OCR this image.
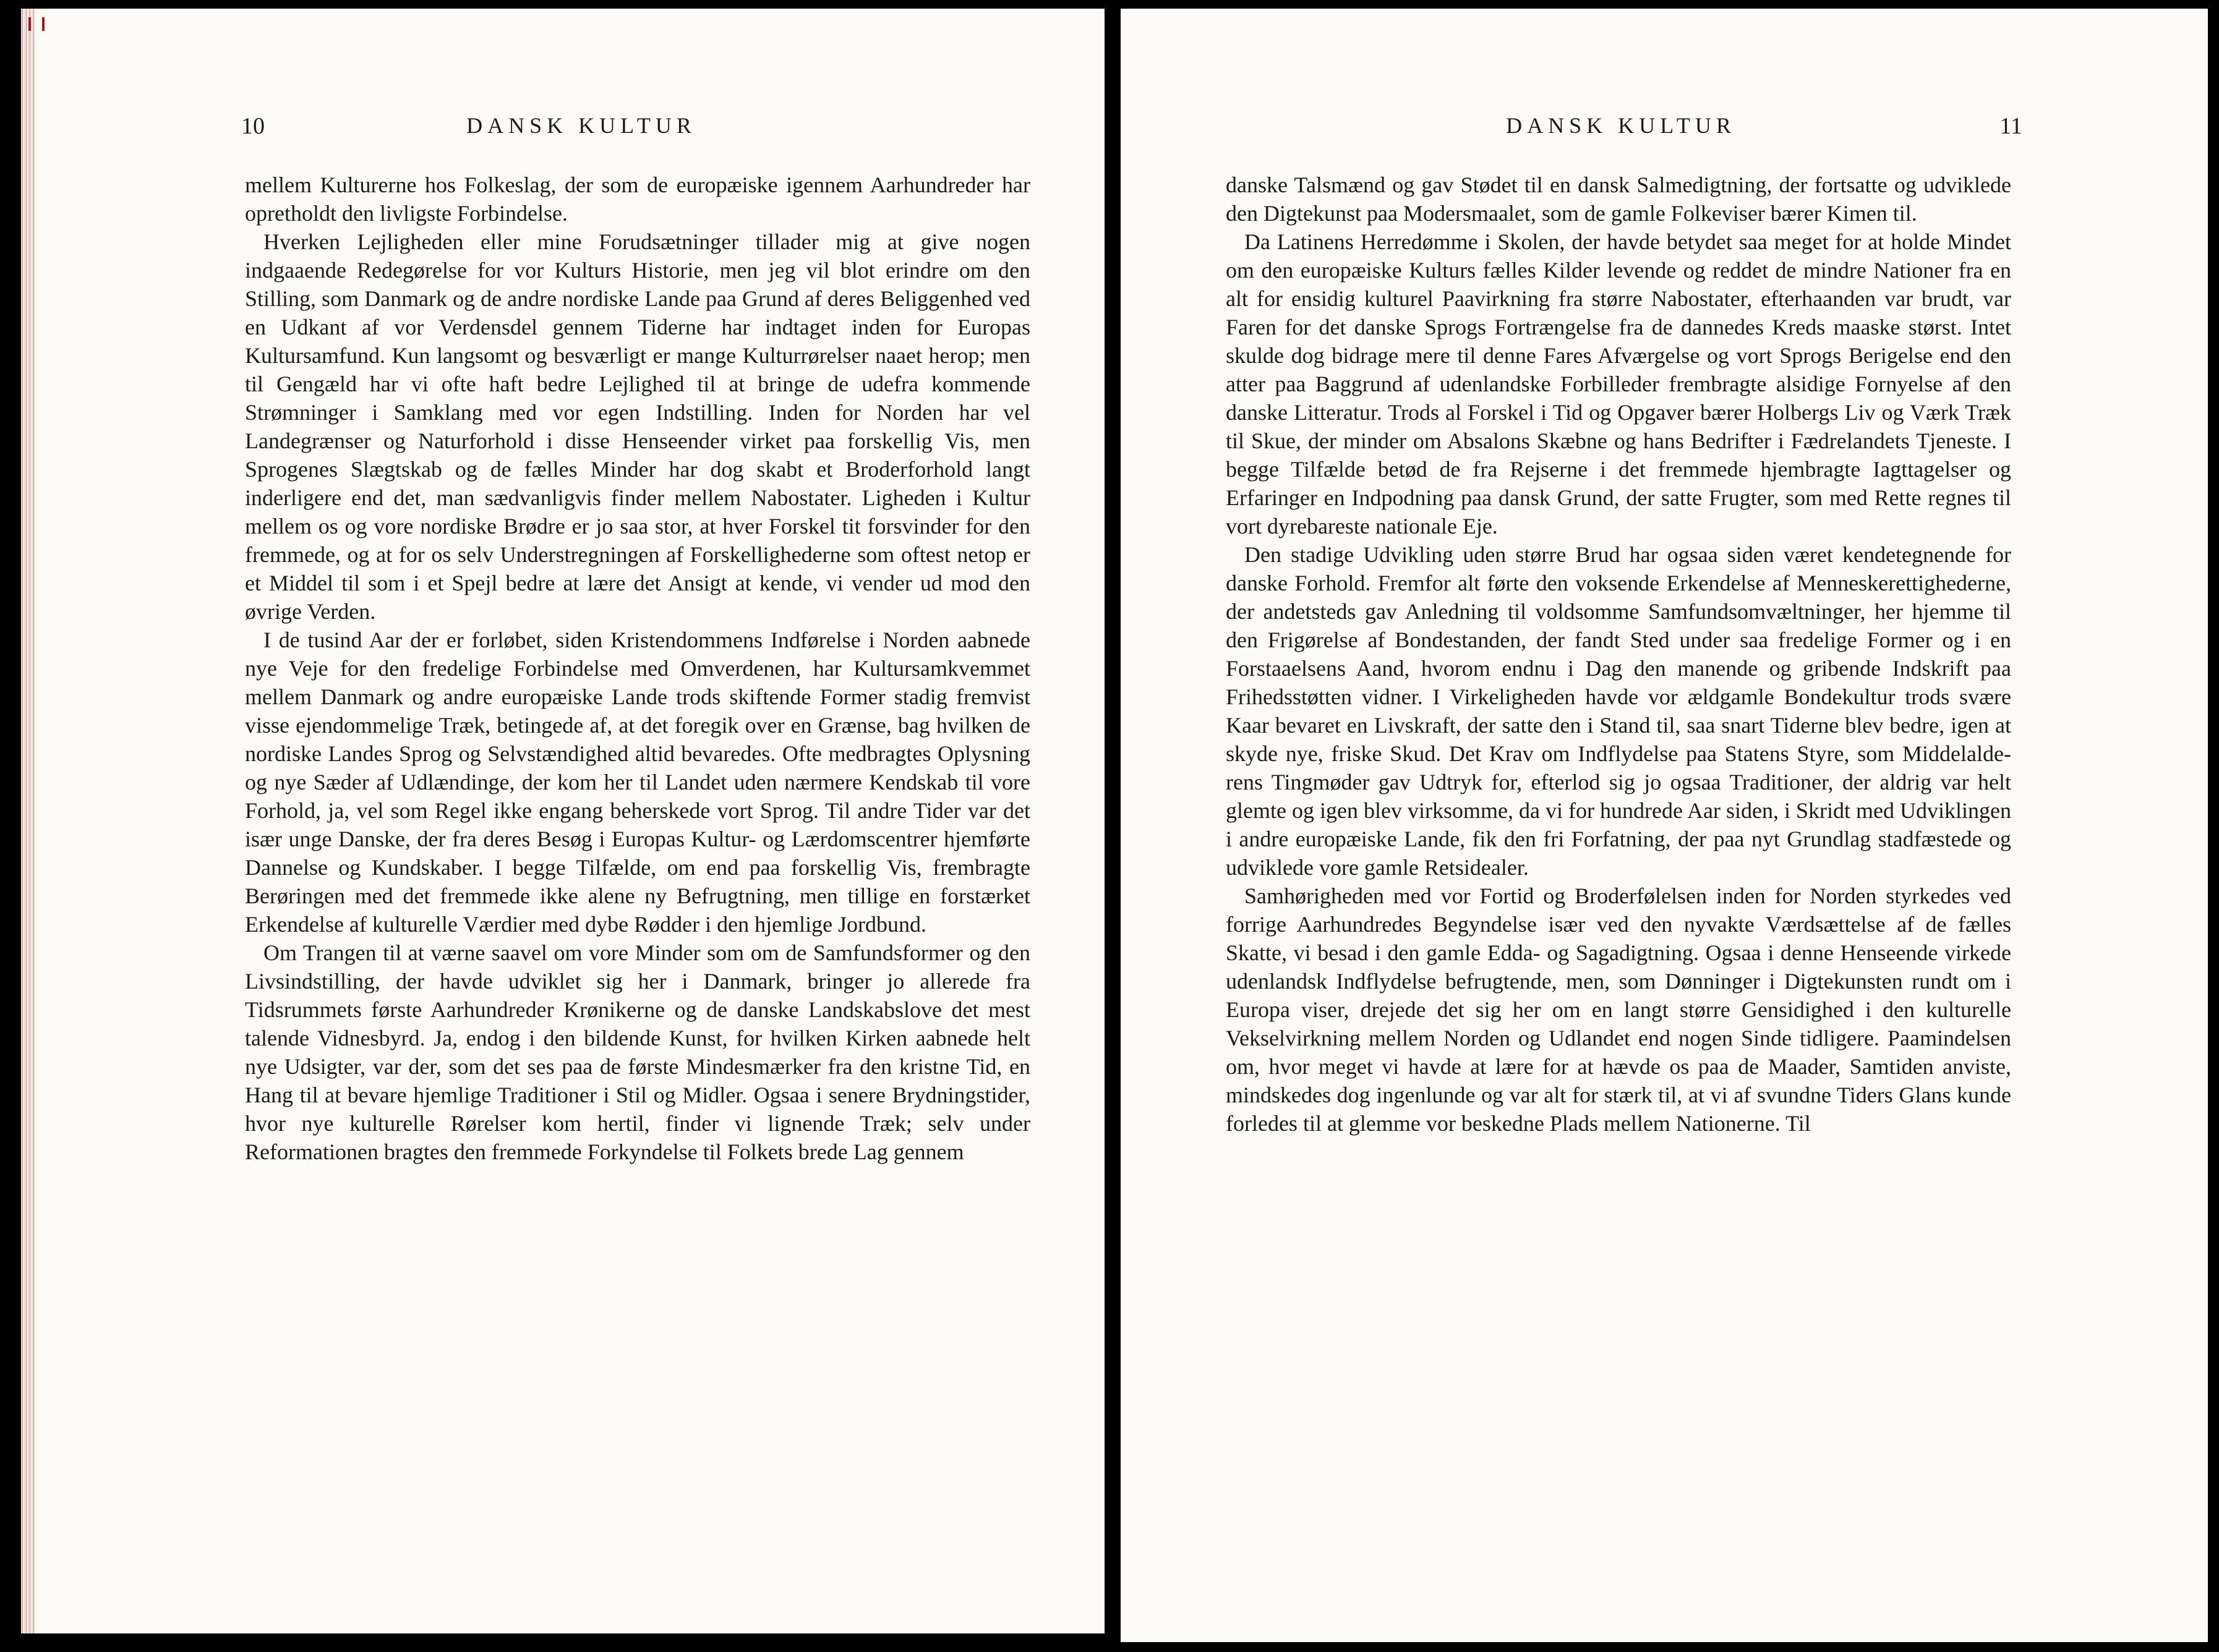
10	DANSK KULTUR

mellem Kulturerne hos Folkeslag, der som de europæiske igennem Aarhundreder har opretholdt den livligste Forbindelse.

Hverken Lejligheden eller mine Forudsætninger tillader mig at give nogen indgaaende Redegørelse for vor Kulturs Historie, men jeg vil blot erindre om den Stilling, som Danmark og de andre nordiske Lande paa Grund af deres Beliggenhed ved en Udkant af vor Verdensdel gennem Tiderne har indtaget inden for Europas Kultursamfund. Kun langsomt og besværligt er mange Kulturrørelser naaet herop; men til Gengæld har vi ofte haft bedre Lejlighed til at bringe de udefra kommende Strømninger i Samklang med vor egen Indstilling. Inden for Norden har vel Landegrænser og Naturforhold i disse Henseender virket paa forskellig Vis, men Sprogenes Slægtskab og de fælles Minder har dog skabt et Broderforhold langt inderligere end det, man sædvanligvis finder mellem Nabostater. Ligheden i Kultur mellem os og vore nordiske Brødre er jo saa stor, at hver Forskel tit forsvinder for den fremmede, og at for os selv Understregningen af Forskellighederne som oftest netop er et Middel til som i et Spejl bedre at lære det Ansigt at kende, vi vender ud mod den øvrige Verden.

I de tusind Aar der er forløbet, siden Kristendommens Indførelse i Norden aabnede nye Veje for den fredelige Forbindelse med Omverdenen, har Kultursamkvemmet mellem Danmark og andre europæiske Lande trods skiftende Former stadig fremvist visse ejendommelige Træk, betingede af, at det foregik over en Grænse, bag hvilken de nordiske Landes Sprog og Selvstændighed altid bevaredes. Ofte medbragtes Oplysning og nye Sæder af Udlændinge, der kom her til Landet uden nærmere Kendskab til vore Forhold, ja, vel som Regel ikke engang beherskede vort Sprog. Til andre Tider var det især unge Danske, der fra deres Besøg i Europas Kultur- og Lærdomscentrer hjemførte Dannelse og Kundskaber. I begge Tilfælde, om end paa forskellig Vis, frembragte Berøringen med det fremmede ikke alene ny Befrugtning, men tillige en forstærket Erkendelse af kulturelle Værdier med dybe Rødder i den hjemlige Jordbund.

Om Trangen til at værne saavel om vore Minder som om de Samfundsformer og den Livsindstilling, der havde udviklet sig her i Danmark, bringer jo allerede fra Tidsrummets første Aarhundreder Krønikerne og de danske Landskabslove det mest talende Vidnesbyrd. Ja, endog i den bildende Kunst, for hvilken Kirken aabnede helt nye Udsigter, var der, som det ses paa de første Mindesmærker fra den kristne Tid, en Hang til at bevare hjemlige Traditioner i Stil og Midler. Ogsaa i senere Brydningstider, hvor nye kulturelle Rørelser kom hertil, finder vi lignende Træk; selv under Reformationen bragtes den fremmede Forkyndelse til Folkets brede Lag gennem

DANSK KULTUR	11

danske Talsmænd og gav Stødet til en dansk Salmedigtning, der fortsatte og udviklede den Digtekunst paa Modersmaalet, som de gamle Folkeviser bærer Kimen til.

Da Latinens Herredømme i Skolen, der havde betydet saa meget for at holde Mindet om den europæiske Kulturs fælles Kilder levende og reddet de mindre Nationer fra en alt for ensidig kulturel Paavirkning fra større Nabostater, efterhaanden var brudt, var Faren for det danske Sprogs Fortrængelse fra de dannedes Kreds maaske størst. Intet skulde dog bidrage mere til denne Fares Afværgelse og vort Sprogs Berigelse end den atter paa Baggrund af udenlandske Forbilleder frembragte alsidige Fornyelse af den danske Litteratur. Trods al Forskel i Tid og Opgaver bærer Holbergs Liv og Værk Træk til Skue, der minder om Absalons Skæbne og hans Bedrifter i Fædrelandets Tjeneste. I begge Tilfælde betød de fra Rejserne i det fremmede hjembragte Iagttagelser og Erfaringer en Indpodning paa dansk Grund, der satte Frugter, som med Rette regnes til vort dyrebareste nationale Eje.

Den stadige Udvikling uden større Brud har ogsaa siden været kendetegnende for danske Forhold. Fremfor alt førte den voksende Erkendelse af Menneskerettighederne, der andetsteds gav Anledning til voldsomme Samfundsomvæltninger, her hjemme til den Frigørelse af Bondestanden, der fandt Sted under saa fredelige Former og i en Forstaaelsens Aand, hvorom endnu i Dag den manende og gribende Indskrift paa Frihedsstøtten vidner. I Virkeligheden havde vor ældgamle Bondekultur trods svære Kaar bevaret en Livskraft, der satte den i Stand til, saa snart Tiderne blev bedre, igen at skyde nye, friske Skud. Det Krav om Indflydelse paa Statens Styre, som Middelalderens Tingmøder gav Udtryk for, efterlod sig jo ogsaa Traditioner, der aldrig var helt glemte og igen blev virksomme, da vi for hundrede Aar siden, i Skridt med Udviklingen i andre europæiske Lande, fik den fri Forfatning, der paa nyt Grundlag stadfæstede og udviklede vore gamle Retsidealer.

Samhørigheden med vor Fortid og Broderfølelsen inden for Norden styrkedes ved forrige Aarhundredes Begyndelse især ved den nyvakte Værdsættelse af de fælles Skatte, vi besad i den gamle Edda- og Sagadigtning. Ogsaa i denne Henseende virkede udenlandsk Indflydelse befrugtende, men, som Dønninger i Digtekunsten rundt om i Europa viser, drejede det sig her om en langt større Gensidighed i den kulturelle Vekselvirkning mellem Norden og Udlandet end nogen Sinde tidligere. Paamindelsen om, hvor meget vi havde at lære for at hævde os paa de Maader, Samtiden anviste, mindskedes dog ingenlunde og var alt for stærk til, at vi af svundne Tiders Glans kunde forledes til at glemme vor beskedne Plads mellem Nationerne. Til
